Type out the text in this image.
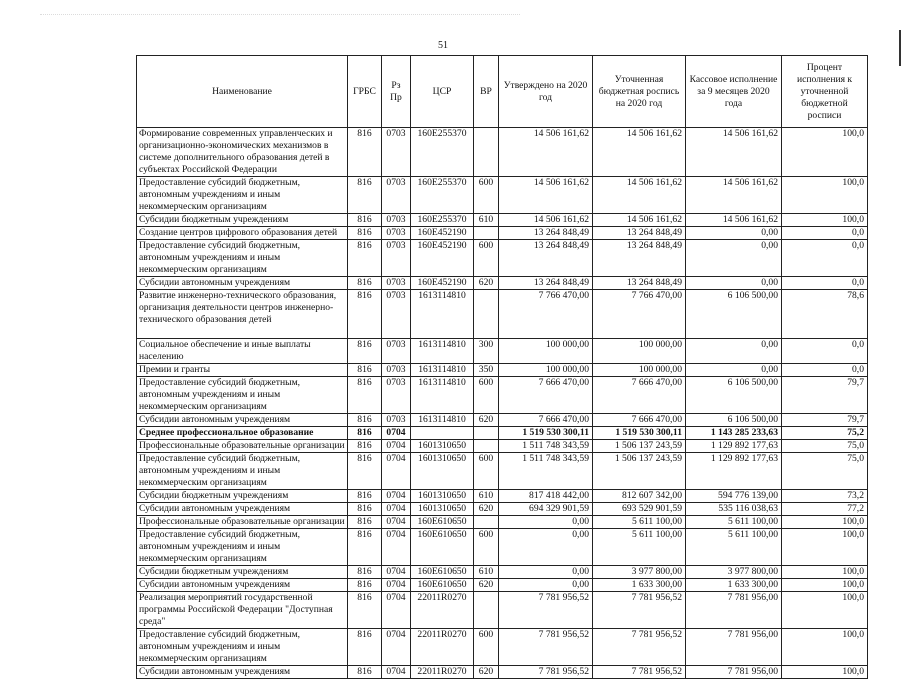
51
Наименование	ГРБС	Рз Пр	ЦСР	ВР	Утверждено на 2020 год	Уточненная бюджетная роспись на 2020 год	Кассовое исполнение за 9 месяцев 2020 года	Процент исполнения к уточненной бюджетной росписи
Формирование современных управленческих и организационно-экономических механизмов в системе дополнительного образования детей в субъектах Российской Федерации	816	0703	160E255370		14 506 161,62	14 506 161,62	14 506 161,62	100,0
Предоставление субсидий бюджетным, автономным учреждениям и иным некоммерческим организациям	816	0703	160E255370	600	14 506 161,62	14 506 161,62	14 506 161,62	100,0
Субсидии бюджетным учреждениям	816	0703	160E255370	610	14 506 161,62	14 506 161,62	14 506 161,62	100,0
Создание центров цифрового образования детей	816	0703	160E452190		13 264 848,49	13 264 848,49	0,00	0,0
Предоставление субсидий бюджетным, автономным учреждениям и иным некоммерческим организациям	816	0703	160E452190	600	13 264 848,49	13 264 848,49	0,00	0,0
Субсидии автономным учреждениям	816	0703	160E452190	620	13 264 848,49	13 264 848,49	0,00	0,0
Развитие инженерно-технического образования, организация деятельности центров инженерно-технического образования детей	816	0703	1613114810		7 766 470,00	7 766 470,00	6 106 500,00	78,6
Социальное обеспечение и иные выплаты населению	816	0703	1613114810	300	100 000,00	100 000,00	0,00	0,0
Премии и гранты	816	0703	1613114810	350	100 000,00	100 000,00	0,00	0,0
Предоставление субсидий бюджетным, автономным учреждениям и иным некоммерческим организациям	816	0703	1613114810	600	7 666 470,00	7 666 470,00	6 106 500,00	79,7
Субсидии автономным учреждениям	816	0703	1613114810	620	7 666 470,00	7 666 470,00	6 106 500,00	79,7
Среднее профессиональное образование	816	0704			1 519 530 300,11	1 519 530 300,11	1 143 285 233,63	75,2
Профессиональные образовательные организации	816	0704	1601310650		1 511 748 343,59	1 506 137 243,59	1 129 892 177,63	75,0
Предоставление субсидий бюджетным, автономным учреждениям и иным некоммерческим организациям	816	0704	1601310650	600	1 511 748 343,59	1 506 137 243,59	1 129 892 177,63	75,0
Субсидии бюджетным учреждениям	816	0704	1601310650	610	817 418 442,00	812 607 342,00	594 776 139,00	73,2
Субсидии автономным учреждениям	816	0704	1601310650	620	694 329 901,59	693 529 901,59	535 116 038,63	77,2
Профессиональные образовательные организации	816	0704	160E610650		0,00	5 611 100,00	5 611 100,00	100,0
Предоставление субсидий бюджетным, автономным учреждениям и иным некоммерческим организациям	816	0704	160E610650	600	0,00	5 611 100,00	5 611 100,00	100,0
Субсидии бюджетным учреждениям	816	0704	160E610650	610	0,00	3 977 800,00	3 977 800,00	100,0
Субсидии автономным учреждениям	816	0704	160E610650	620	0,00	1 633 300,00	1 633 300,00	100,0
Реализация мероприятий государственной программы Российской Федерации "Доступная среда"	816	0704	22011R0270		7 781 956,52	7 781 956,52	7 781 956,00	100,0
Предоставление субсидий бюджетным, автономным учреждениям и иным некоммерческим организациям	816	0704	22011R0270	600	7 781 956,52	7 781 956,52	7 781 956,00	100,0
Субсидии автономным учреждениям	816	0704	22011R0270	620	7 781 956,52	7 781 956,52	7 781 956,00	100,0
